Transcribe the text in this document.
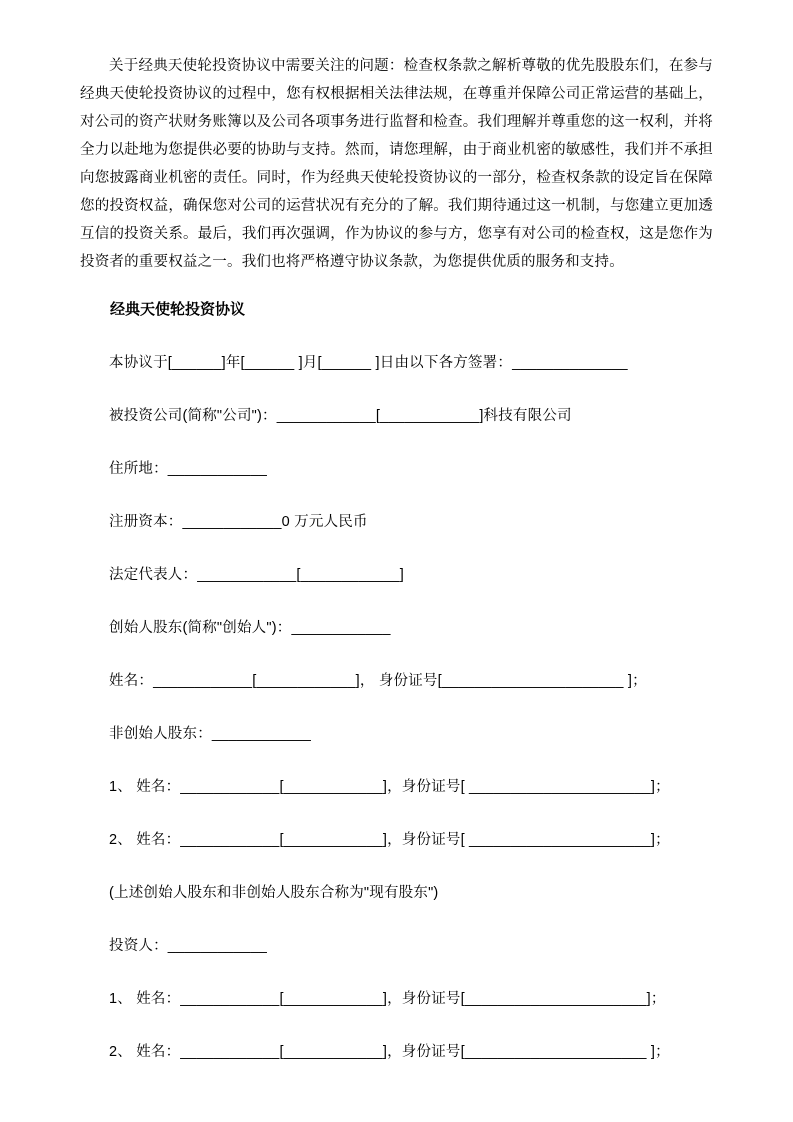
关于经典天使轮投资协议中需要关注的问题：检查权条款之解析尊敬的优先股股东们，在参与经典天使轮投资协议的过程中，您有权根据相关法律法规，在尊重并保障公司正常运营的基础上，对公司的资产状财务账簿以及公司各项事务进行监督和检查。我们理解并尊重您的这一权利，并将全力以赴地为您提供必要的协助与支持。然而，请您理解，由于商业机密的敏感性，我们并不承担向您披露商业机密的责任。同时，作为经典天使轮投资协议的一部分，检查权条款的设定旨在保障您的投资权益，确保您对公司的运营状况有充分的了解。我们期待通过这一机制，与您建立更加透互信的投资关系。最后，我们再次强调，作为协议的参与方，您享有对公司的检查权，这是您作为投资者的重要权益之一。我们也将严格遵守协议条款，为您提供优质的服务和支持。

经典天使轮投资协议

本协议于[______]年[______ ]月[______ ]日由以下各方签署：______________

被投资公司(简称"公司")：____________[____________]科技有限公司

住所地：____________

注册资本：____________0 万元人民币

法定代表人：____________[____________]

创始人股东(简称"创始人")：____________

姓名：____________[____________]， 身份证号[______________________ ]；

非创始人股东：____________

1、 姓名：____________[____________]，身份证号[ ______________________]；

2、 姓名：____________[____________]，身份证号[ ______________________]；

(上述创始人股东和非创始人股东合称为"现有股东")

投资人：____________

1、 姓名：____________[____________]，身份证号[______________________]；

2、 姓名：____________[____________]，身份证号[______________________ ]；
